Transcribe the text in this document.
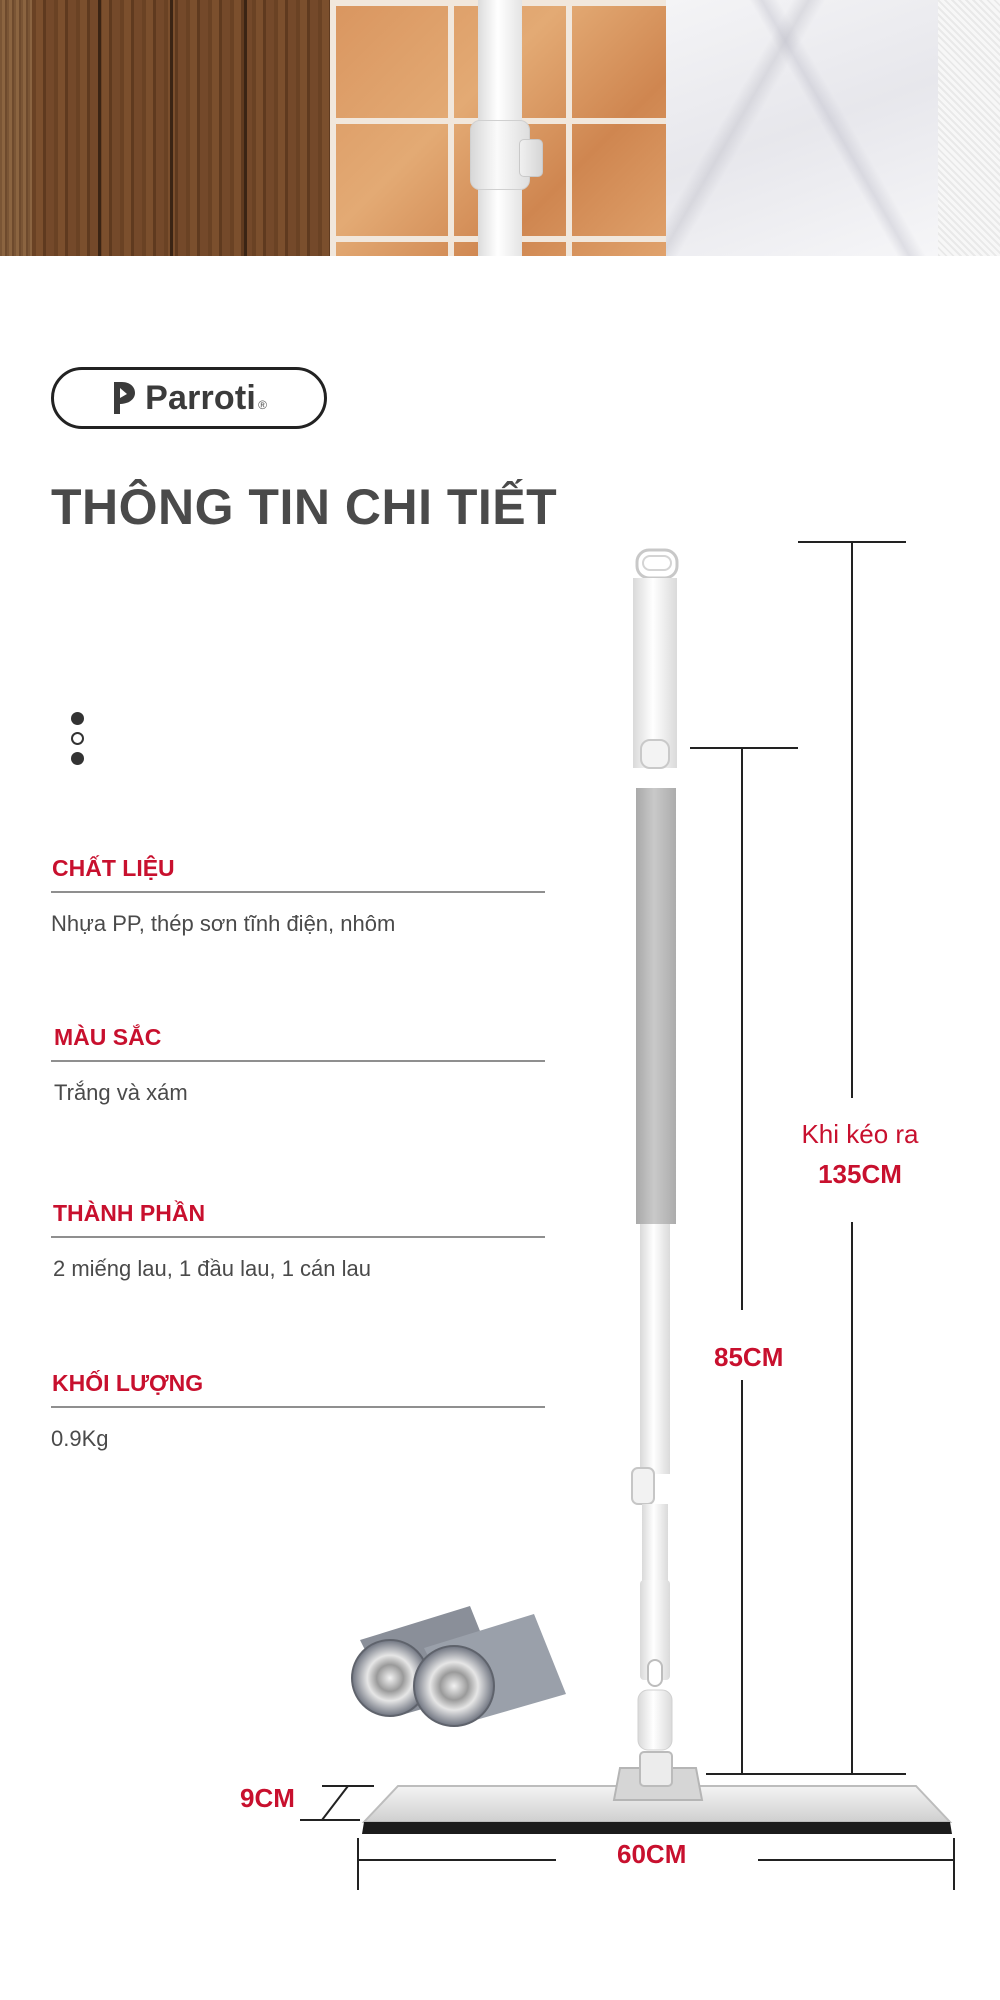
Parroti ®
THÔNG TIN CHI TIẾT
CHẤT LIỆU
Nhựa PP, thép sơn tĩnh điện, nhôm
MÀU SẮC
Trắng và xám
THÀNH PHẦN
2 miếng lau, 1 đầu lau, 1 cán lau
KHỐI LƯỢNG
0.9Kg
Khi kéo ra
135CM
85CM
9CM
60CM
